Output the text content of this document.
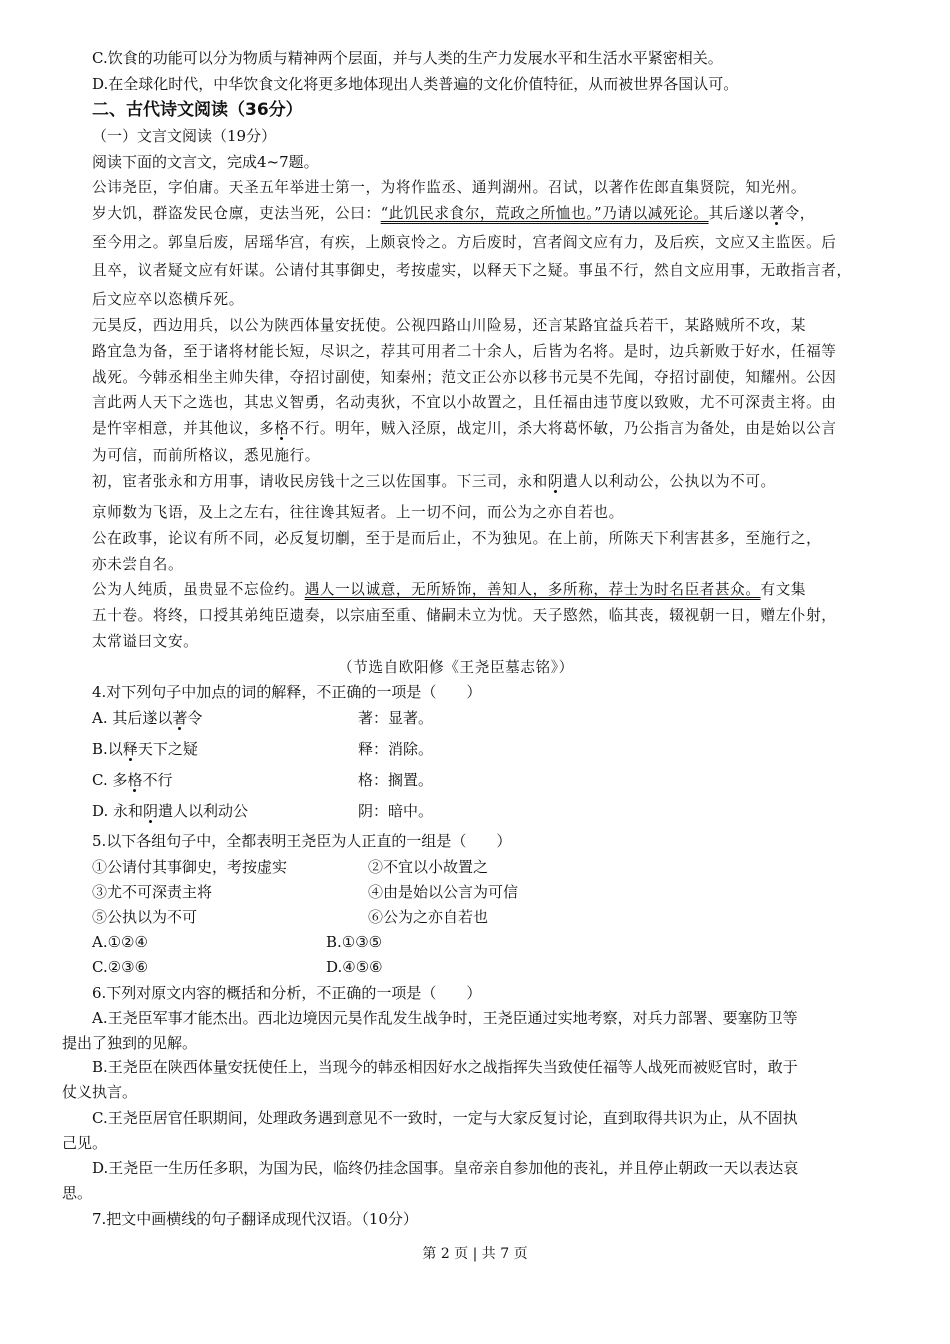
C.饮食的功能可以分为物质与精神两个层面，并与人类的生产力发展水平和生活水平紧密相关。
D.在全球化时代，中华饮食文化将更多地体现出人类普遍的文化价值特征，从而被世界各国认可。
二、古代诗文阅读（36分）
（一）文言文阅读（19分）
阅读下面的文言文，完成4~7题。
公讳尧臣，字伯庸。天圣五年举进士第一，为将作监丞、通判湖州。召试，以著作佐郎直集贤院，知光州。
岁大饥，群盗发民仓廪，吏法当死，公曰：“此饥民求食尔，荒政之所恤也。”乃请以减死论。其后遂以著令，
至今用之。郭皇后废，居瑶华宫，有疾，上颇哀怜之。方后废时，宫者阎文应有力，及后疾，文应又主监医。后
且卒，议者疑文应有奸谋。公请付其事御史，考按虚实，以释天下之疑。事虽不行，然自文应用事，无敢指言者，
后文应卒以恣横斥死。
元昊反，西边用兵，以公为陕西体量安抚使。公视四路山川险易，还言某路宜益兵若干，某路贼所不攻，某
路宜急为备，至于诸将材能长短，尽识之，荐其可用者二十余人，后皆为名将。是时，边兵新败于好水，任福等
战死。今韩丞相坐主帅失律，夺招讨副使，知秦州；范文正公亦以移书元昊不先闻，夺招讨副使，知耀州。公因
言此两人天下之选也，其忠义智勇，名动夷狄，不宜以小故置之，且任福由违节度以致败，尤不可深责主将。由
是忤宰相意，并其他议，多格不行。明年，贼入泾原，战定川，杀大将葛怀敏，乃公指言为备处，由是始以公言
为可信，而前所格议，悉见施行。
初，宦者张永和方用事，请收民房钱十之三以佐国事。下三司，永和阴遣人以利动公，公执以为不可。
京师数为飞语，及上之左右，往往谗其短者。上一切不问，而公为之亦自若也。
公在政事，论议有所不同，必反复切劘，至于是而后止，不为独见。在上前，所陈天下利害甚多，至施行之，
亦未尝自名。
公为人纯质，虽贵显不忘俭约。遇人一以诚意，无所矫饰，善知人，多所称，荐士为时名臣者甚众。有文集
五十卷。将终，口授其弟纯臣遗奏，以宗庙至重、储嗣未立为忧。天子愍然，临其丧，辍视朝一日，赠左仆射，
太常谥曰文安。
（节选自欧阳修《王尧臣墓志铭》）
4.对下列句子中加点的词的解释，不正确的一项是（　　）
A. 其后遂以著令	著：显著。
B.以释天下之疑	释：消除。
C. 多格不行	格：搁置。
D. 永和阴遣人以利动公	阴：暗中。
5.以下各组句子中，全都表明王尧臣为人正直的一组是（　　）
①公请付其事御史，考按虚实	②不宜以小故置之
③尤不可深责主将	④由是始以公言为可信
⑤公执以为不可	⑥公为之亦自若也
A.①②④	B.①③⑤
C.②③⑥	D.④⑤⑥
6.下列对原文内容的概括和分析，不正确的一项是（　　）
A.王尧臣军事才能杰出。西北边境因元昊作乱发生战争时，王尧臣通过实地考察，对兵力部署、要塞防卫等
提出了独到的见解。
B.王尧臣在陕西体量安抚使任上，当现今的韩丞相因好水之战指挥失当致使任福等人战死而被贬官时，敢于
仗义执言。
C.王尧臣居官任职期间，处理政务遇到意见不一致时，一定与大家反复讨论，直到取得共识为止，从不固执
己见。
D.王尧臣一生历任多职，为国为民，临终仍挂念国事。皇帝亲自参加他的丧礼，并且停止朝政一天以表达哀
思。
7.把文中画横线的句子翻译成现代汉语。（10分）
第 2 页 | 共 7 页
